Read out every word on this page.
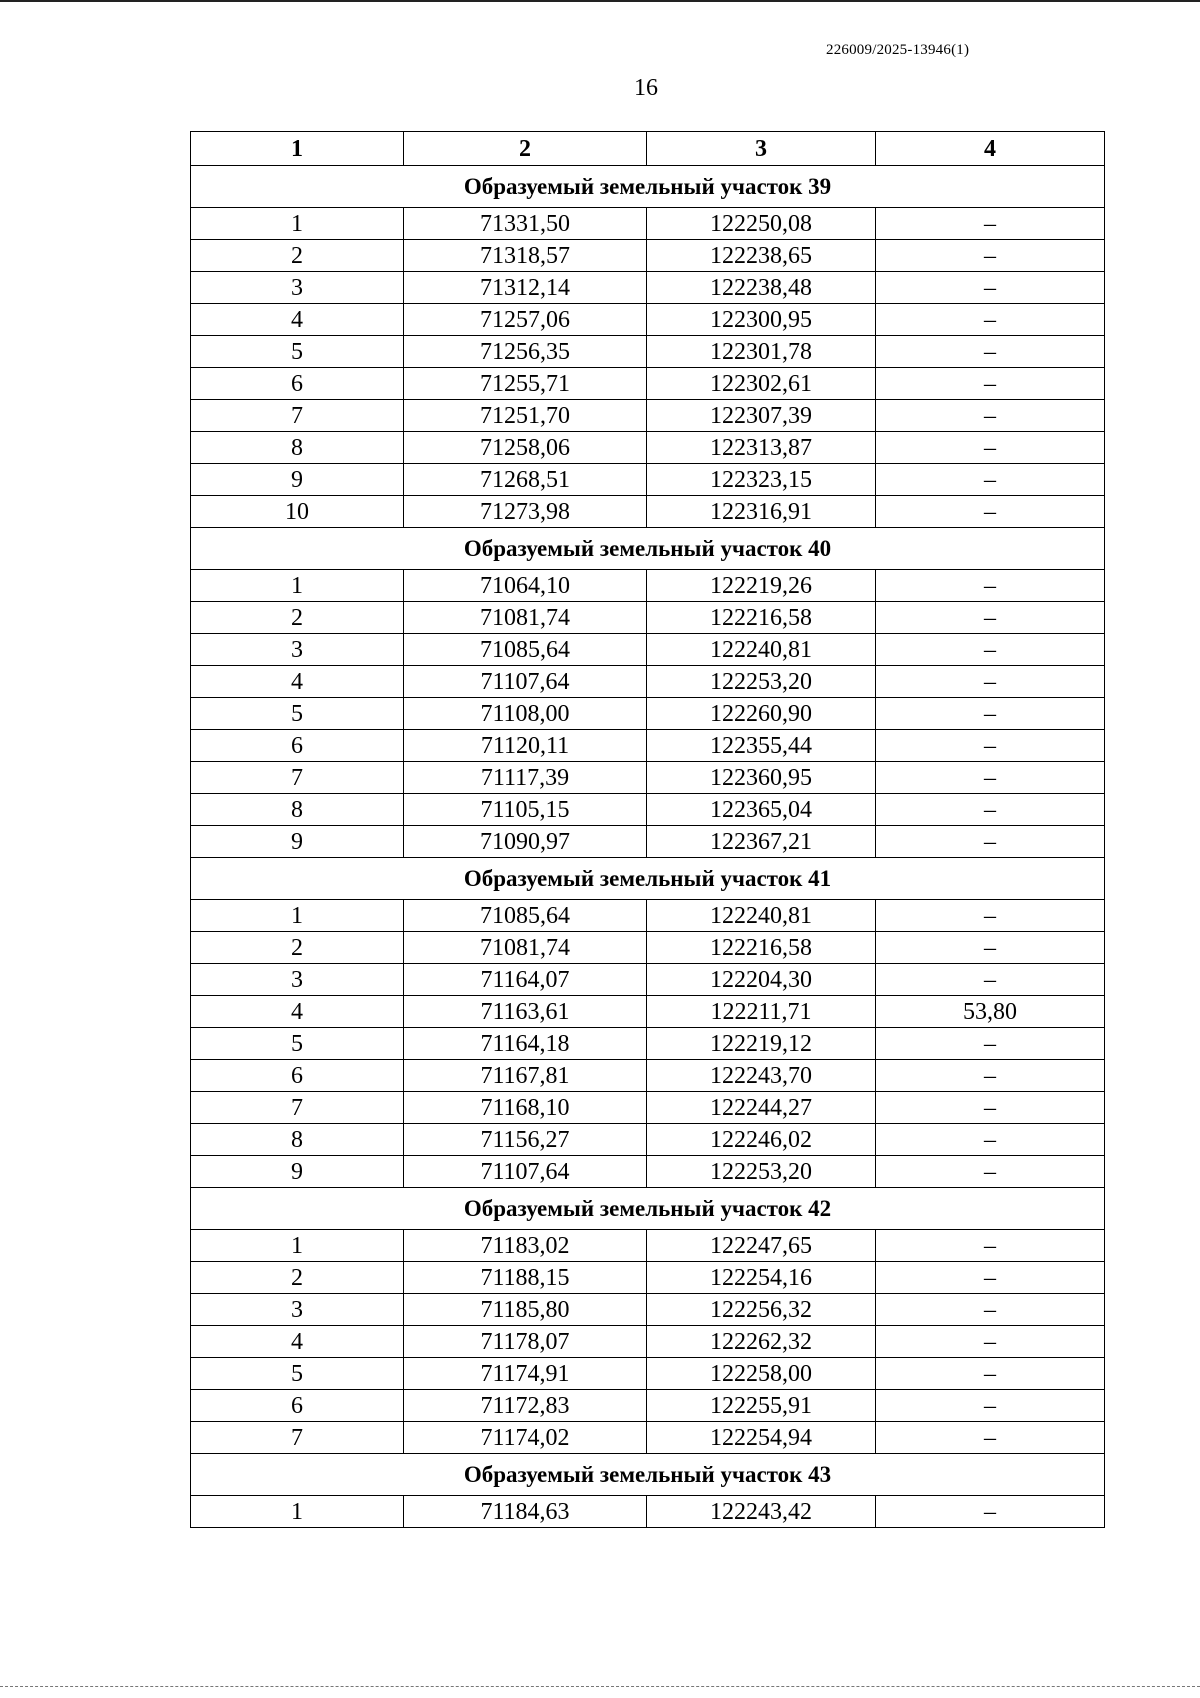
226009/2025-13946(1)
16
1	2	3	4
Образуемый земельный участок 39			
1	71331,50	122250,08	–
2	71318,57	122238,65	–
3	71312,14	122238,48	–
4	71257,06	122300,95	–
5	71256,35	122301,78	–
6	71255,71	122302,61	–
7	71251,70	122307,39	–
8	71258,06	122313,87	–
9	71268,51	122323,15	–
10	71273,98	122316,91	–
Образуемый земельный участок 40			
1	71064,10	122219,26	–
2	71081,74	122216,58	–
3	71085,64	122240,81	–
4	71107,64	122253,20	–
5	71108,00	122260,90	–
6	71120,11	122355,44	–
7	71117,39	122360,95	–
8	71105,15	122365,04	–
9	71090,97	122367,21	–
Образуемый земельный участок 41			
1	71085,64	122240,81	–
2	71081,74	122216,58	–
3	71164,07	122204,30	–
4	71163,61	122211,71	53,80
5	71164,18	122219,12	–
6	71167,81	122243,70	–
7	71168,10	122244,27	–
8	71156,27	122246,02	–
9	71107,64	122253,20	–
Образуемый земельный участок 42			
1	71183,02	122247,65	–
2	71188,15	122254,16	–
3	71185,80	122256,32	–
4	71178,07	122262,32	–
5	71174,91	122258,00	–
6	71172,83	122255,91	–
7	71174,02	122254,94	–
Образуемый земельный участок 43			
1	71184,63	122243,42	–
